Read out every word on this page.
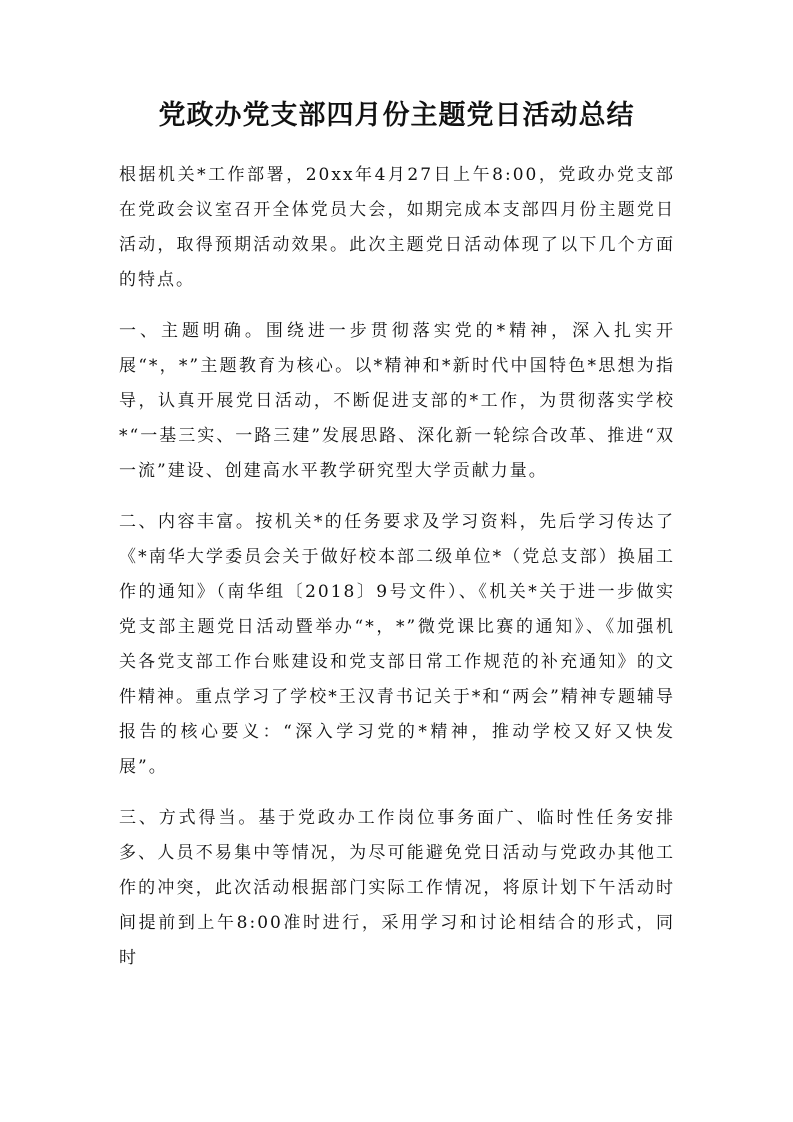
党政办党支部四月份主题党日活动总结

根据机关*工作部署，20xx年4月27日上午8:00，党政办党支部在党政会议室召开全体党员大会，如期完成本支部四月份主题党日活动，取得预期活动效果。此次主题党日活动体现了以下几个方面的特点。

一、主题明确。围绕进一步贯彻落实党的*精神，深入扎实开展“*，*”主题教育为核心。以*精神和*新时代中国特色*思想为指导，认真开展党日活动，不断促进支部的*工作，为贯彻落实学校*“一基三实、一路三建”发展思路、深化新一轮综合改革、推进“双一流”建设、创建高水平教学研究型大学贡献力量。

二、内容丰富。按机关*的任务要求及学习资料，先后学习传达了《*南华大学委员会关于做好校本部二级单位*（党总支部）换届工作的通知》（南华组〔2018〕9号文件）、《机关*关于进一步做实党支部主题党日活动暨举办“*，*”微党课比赛的通知》、《加强机关各党支部工作台账建设和党支部日常工作规范的补充通知》的文件精神。重点学习了学校*王汉青书记关于*和“两会”精神专题辅导报告的核心要义：“深入学习党的*精神，推动学校又好又快发展”。

三、方式得当。基于党政办工作岗位事务面广、临时性任务安排多、人员不易集中等情况，为尽可能避免党日活动与党政办其他工作的冲突，此次活动根据部门实际工作情况，将原计划下午活动时间提前到上午8:00准时进行，采用学习和讨论相结合的形式，同时
